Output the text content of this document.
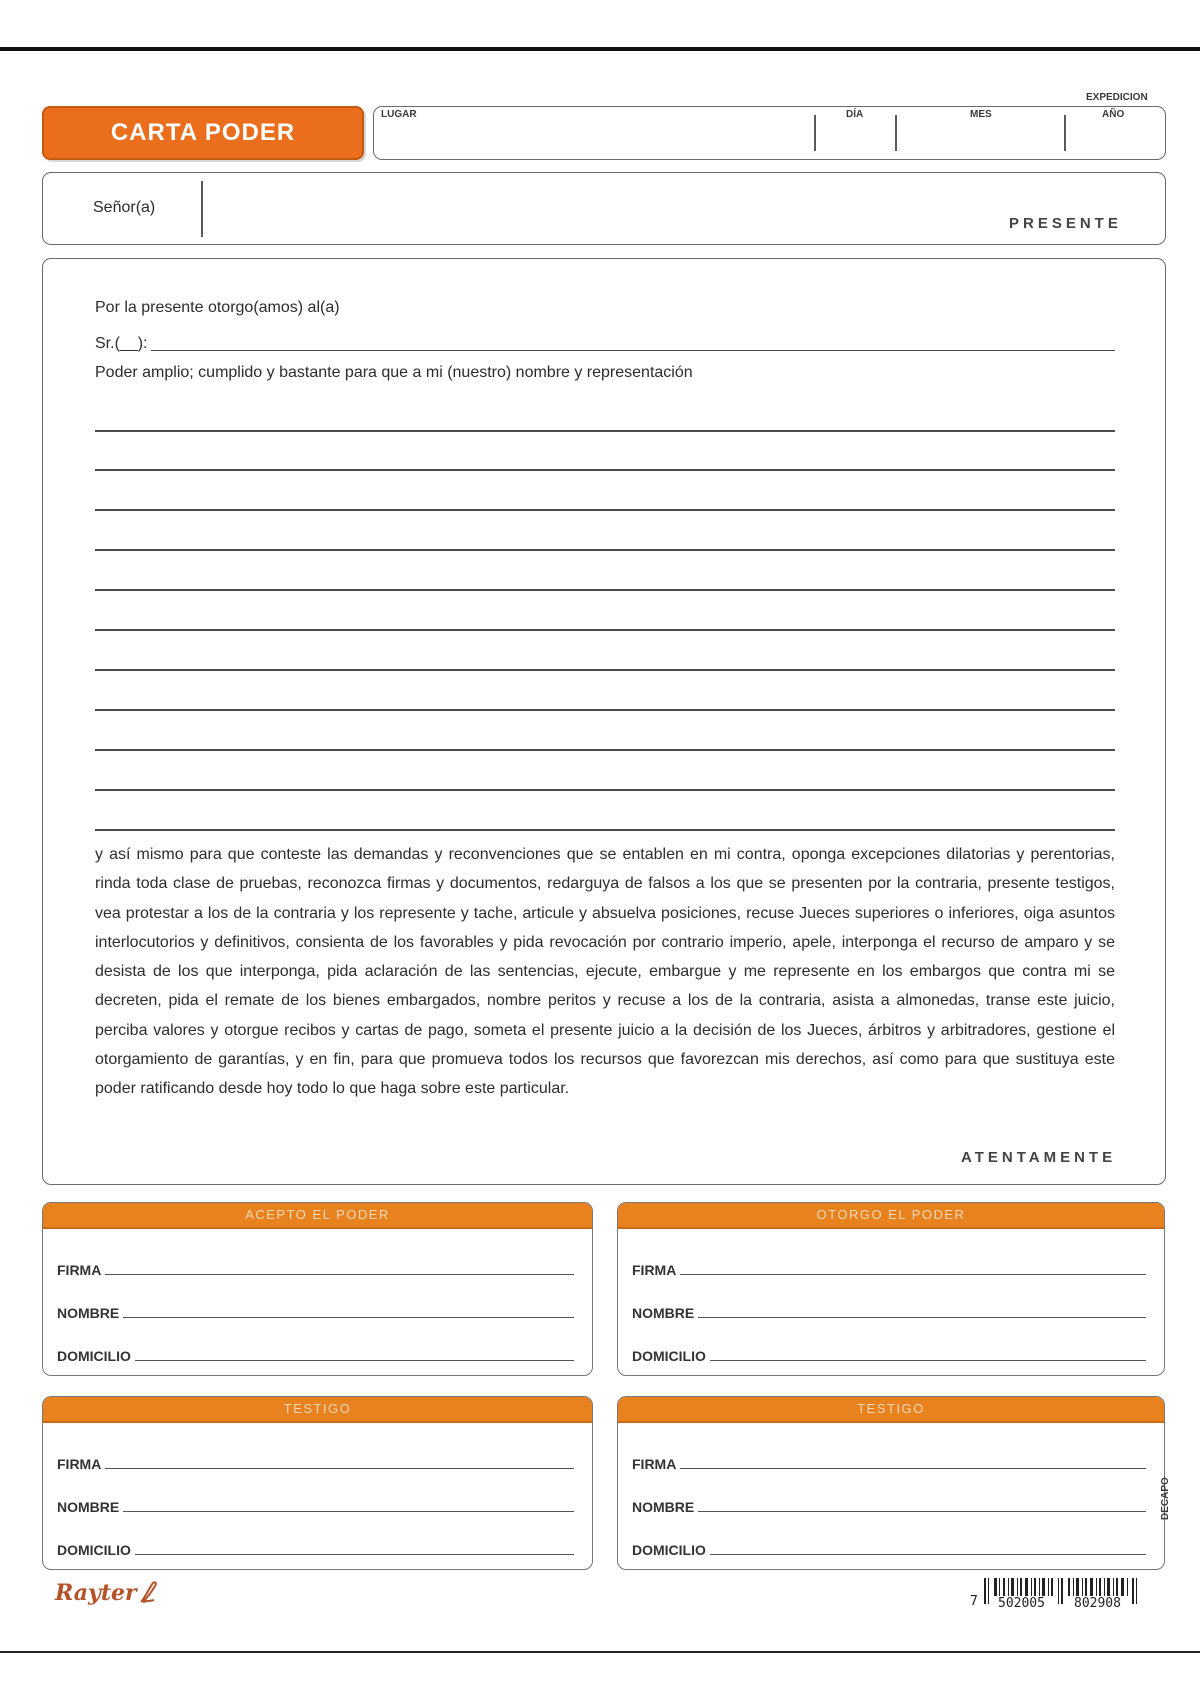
CARTA PODER
EXPEDICION
LUGAR	DÍA	MES	AÑO
Señor(a)
PRESENTE
Por la presente otorgo(amos) al(a)
Sr.(__):
Poder amplio; cumplido y bastante para que a mi (nuestro) nombre y representación
y así mismo para que conteste las demandas y reconvenciones que se entablen en mi contra, oponga excepciones dilatorias y perentorias, rinda toda clase de pruebas, reconozca firmas y documentos, redarguya de falsos a los que se presenten por la contraria, presente testigos, vea protestar a los de la contraria y los represente y tache, articule y absuelva posiciones, recuse Jueces superiores o inferiores, oiga asuntos interlocutorios y definitivos, consienta de los favorables y pida revocación por contrario imperio, apele, interponga el recurso de amparo y se desista de los que interponga, pida aclaración de las sentencias, ejecute, embargue y me represente en los embargos que contra mi se decreten, pida el remate de los bienes embargados, nombre peritos y recuse a los de la contraria, asista a almonedas, transe este juicio, perciba valores y otorgue recibos y cartas de pago, someta el presente juicio a la decisión de los Jueces, árbitros y arbitradores, gestione el otorgamiento de garantías, y en fin, para que promueva todos los recursos que favorezcan mis derechos, así como para que sustituya este poder ratificando desde hoy todo lo que haga sobre este particular.
ATENTAMENTE
ACEPTO EL PODER
FIRMA
NOMBRE
DOMICILIO
OTORGO EL PODER
FIRMA
NOMBRE
DOMICILIO
TESTIGO
FIRMA
NOMBRE
DOMICILIO
TESTIGO
FIRMA
NOMBRE
DOMICILIO
DECAPO
Rayter	7 502005 802908
